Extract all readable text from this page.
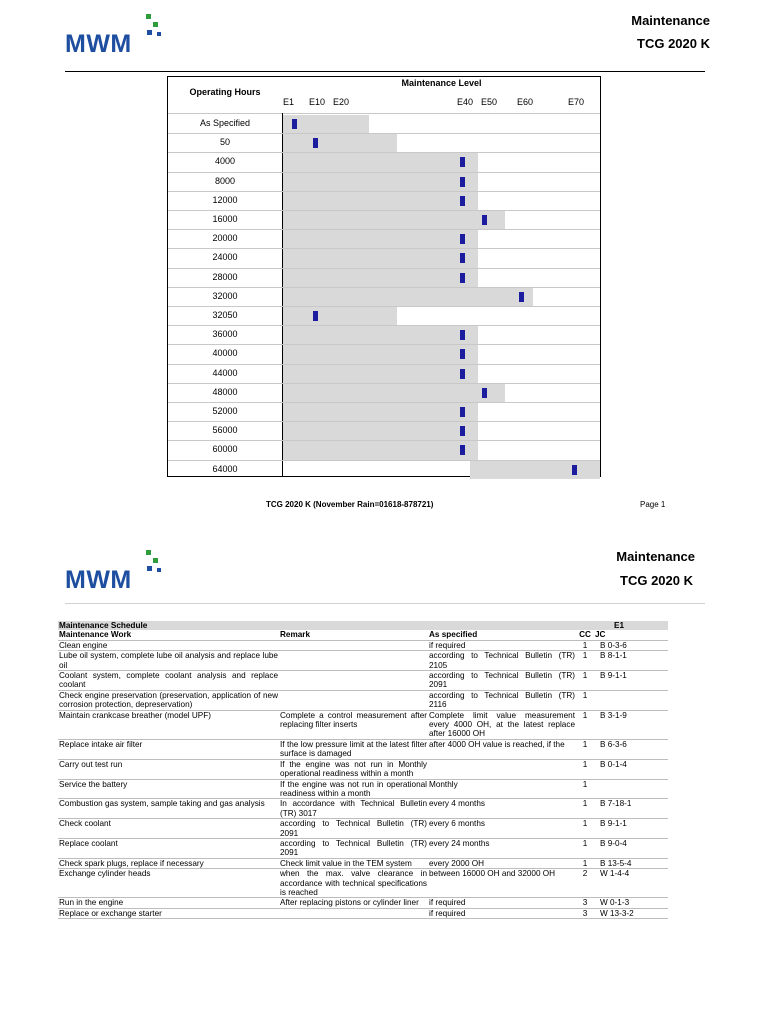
MWM
Maintenance
TCG 2020 K
Operating Hours
Maintenance Level
E1 E10 E20	E40 E50 E60	E70
As Specified
50
4000
8000
12000
16000
20000
24000
28000
32000
32050
36000
40000
44000
48000
52000
56000
60000
64000
TCG 2020 K (November Rain=01618-878721)	Page 1
MWM
Maintenance
TCG 2020 K
Maintenance Schedule				E1
Maintenance Work	Remark	As specified	CC	JC
Clean engine		if required	1	B 0-3-6
Lube oil system, complete lube oil analysis and replace lube oil		according to Technical Bulletin (TR) 2105	1	B 8-1-1
Coolant system, complete coolant analysis and replace coolant		according to Technical Bulletin (TR) 2091	1	B 9-1-1
Check engine preservation (preservation, application of new corrosion protection, depreservation)		according to Technical Bulletin (TR) 2116	1	
Maintain crankcase breather (model UPF)	Complete a control measurement after replacing filter inserts	Complete limit value measurement every 4000 OH, at the latest replace after 16000 OH	1	B 3-1-9
Replace intake air filter	If the low pressure limit at the latest filter surface is damaged	after 4000 OH value is reached, if the	1	B 6-3-6
Carry out test run	If the engine was not run in Monthly operational readiness within a month		1	B 0-1-4
Service the battery	If the engine was not run in operational readiness within a month	Monthly	1	
Combustion gas system, sample taking and gas analysis	In accordance with Technical Bulletin (TR) 3017	every 4 months	1	B 7-18-1
Check coolant	according to Technical Bulletin (TR) 2091	every 6 months	1	B 9-1-1
Replace coolant	according to Technical Bulletin (TR) 2091	every 24 months	1	B 9-0-4
Check spark plugs, replace if necessary	Check limit value in the TEM system	every 2000 OH	1	B 13-5-4
Exchange cylinder heads	when the max. valve clearance in accordance with technical specifications is reached	between 16000 OH and 32000 OH	2	W 1-4-4
Run in the engine	After replacing pistons or cylinder liner	if required	3	W 0-1-3
Replace or exchange starter		if required	3	W 13-3-2
